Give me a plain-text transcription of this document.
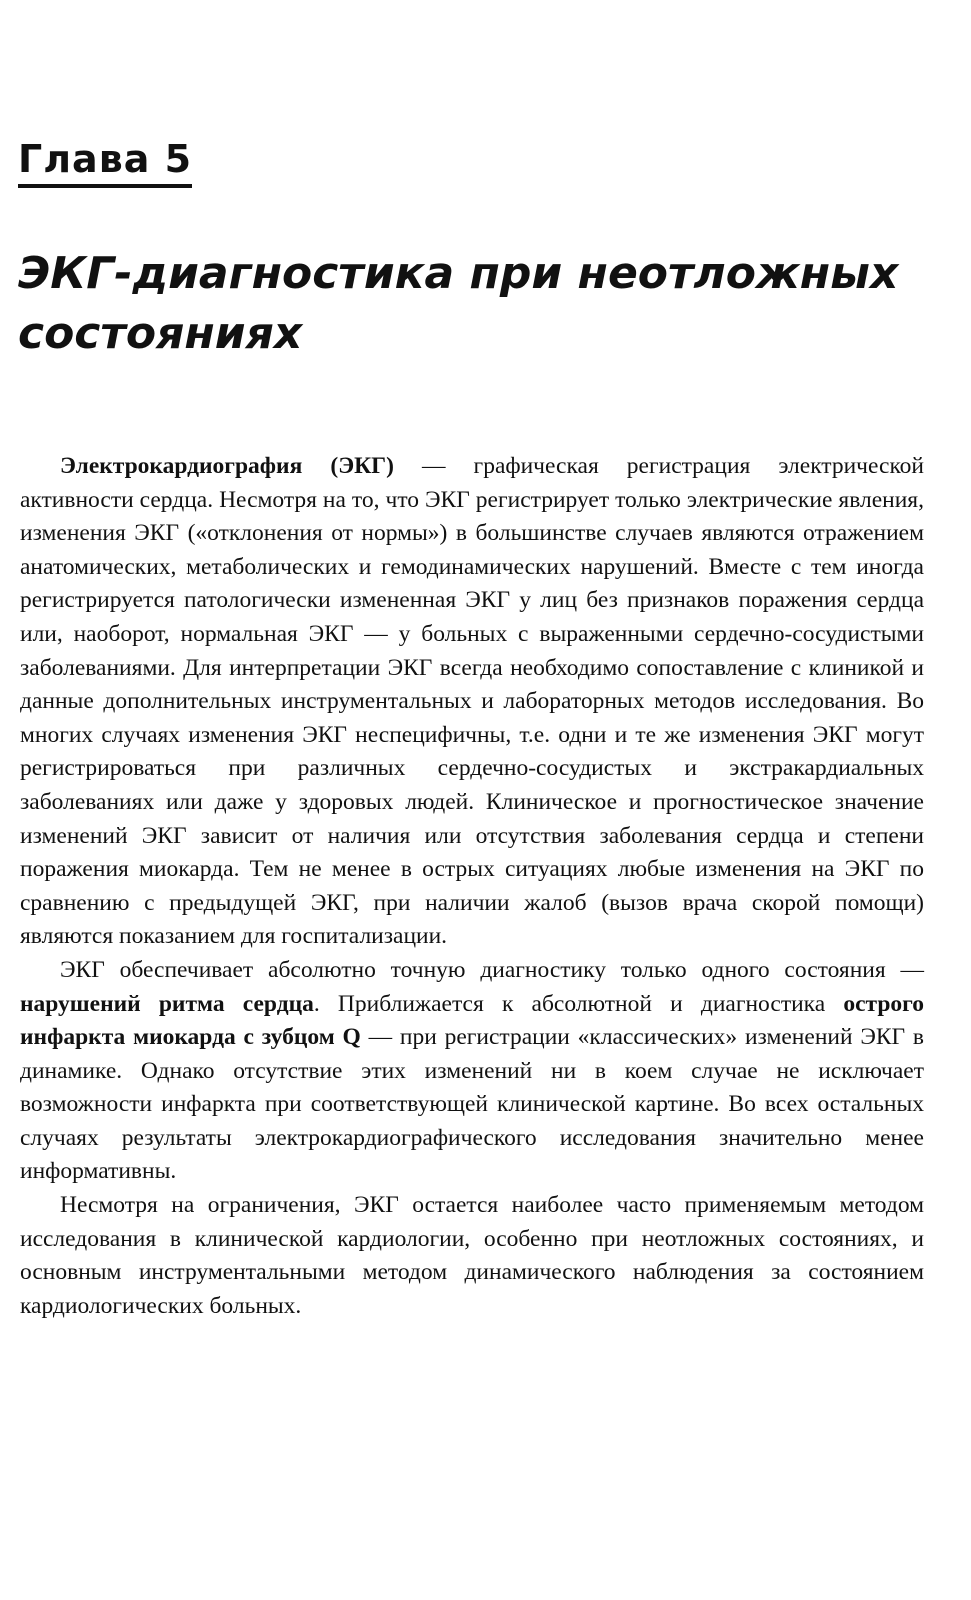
Глава 5
ЭКГ-диагностика при неотложных
состояниях

Электрокардиография (ЭКГ) — графическая регистрация электрической активности сердца. Несмотря на то, что ЭКГ регистрирует только электрические явления, изменения ЭКГ («отклонения от нормы») в большинстве случаев являются отражением анатомических, метаболических и гемодинамических нарушений. Вместе с тем иногда регистрируется патологически измененная ЭКГ у лиц без признаков поражения сердца или, наоборот, нормальная ЭКГ — у больных с выраженными сердечно-сосудистыми заболеваниями. Для интерпретации ЭКГ всегда необходимо сопоставление с клиникой и данные дополнительных инструментальных и лабораторных методов исследования. Во многих случаях изменения ЭКГ неспецифичны, т.е. одни и те же изменения ЭКГ могут регистрироваться при различных сердечно-сосудистых и экстракардиальных заболеваниях или даже у здоровых людей. Клиническое и прогностическое значение изменений ЭКГ зависит от наличия или отсутствия заболевания сердца и степени поражения миокарда. Тем не менее в острых ситуациях любые изменения на ЭКГ по сравнению с предыдущей ЭКГ, при наличии жалоб (вызов врача скорой помощи) являются показанием для госпитализации.

ЭКГ обеспечивает абсолютно точную диагностику только одного состояния — нарушений ритма сердца. Приближается к абсолютной и диагностика острого инфаркта миокарда с зубцом Q — при регистрации «классических» изменений ЭКГ в динамике. Однако отсутствие этих изменений ни в коем случае не исключает возможности инфаркта при соответствующей клинической картине. Во всех остальных случаях результаты электрокардиографического исследования значительно менее информативны.

Несмотря на ограничения, ЭКГ остается наиболее часто применяемым методом исследования в клинической кардиологии, особенно при неотложных состояниях, и основным инструментальными методом динамического наблюдения за состоянием кардиологических больных.
